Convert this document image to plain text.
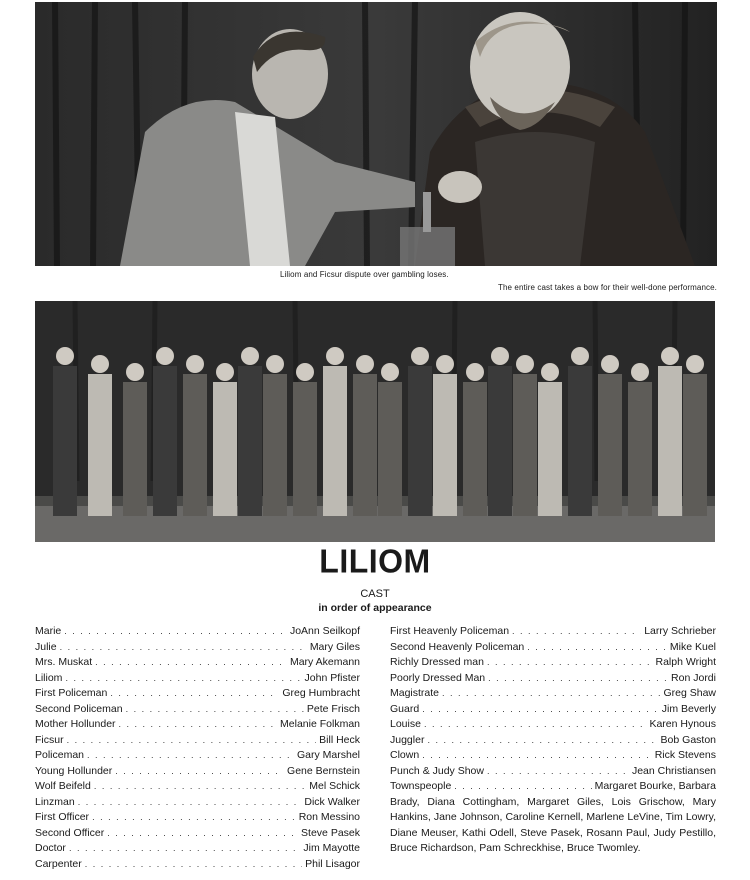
Liliom and Ficsur dispute over gambling loses.
The entire cast takes a bow for their well-done performance.
LILIOM
CAST
in order of appearance
Marie . . .	JoAnn Seilkopf
Julie . . .	Mary Giles
Mrs. Muskat . . .	Mary Akemann
Liliom . . .	John Pfister
First Policeman . . .	Greg Humbracht
Second Policeman . . .	Pete Frisch
Mother Hollunder . . .	Melanie Folkman
Ficsur . . .	Bill Heck
Policeman . . .	Gary Marshel
Young Hollunder . . .	Gene Bernstein
Wolf Beifeld . . .	Mel Schick
Linzman . . .	Dick Walker
First Officer . . .	Ron Messino
Second Officer . . .	Steve Pasek
Doctor . . .	Jim Mayotte
Carpenter . . .	Phil Lisagor
First Heavenly Policeman . . .	Larry Schrieber
Second Heavenly Policeman . . .	Mike Kuel
Richly Dressed man . . .	Ralph Wright
Poorly Dressed Man . . .	Ron Jordi
Magistrate . . .	Greg Shaw
Guard . . .	Jim Beverly
Louise . . .	Karen Hynous
Juggler . . .	Bob Gaston
Clown . . .	Rick Stevens
Punch & Judy Show . . .	Jean Christiansen
Townspeople . . .	Margaret Bourke, Barbara
Brady, Diana Cottingham, Margaret Giles, Lois Grischow, Mary Hankins, Jane Johnson, Caroline Kernell, Marlene LeVine, Tim Lowry, Diane Meuser, Kathi Odell, Steve Pasek, Rosann Paul, Judy Pestillo, Bruce Richardson, Pam Schreckhise, Bruce Twomley.
